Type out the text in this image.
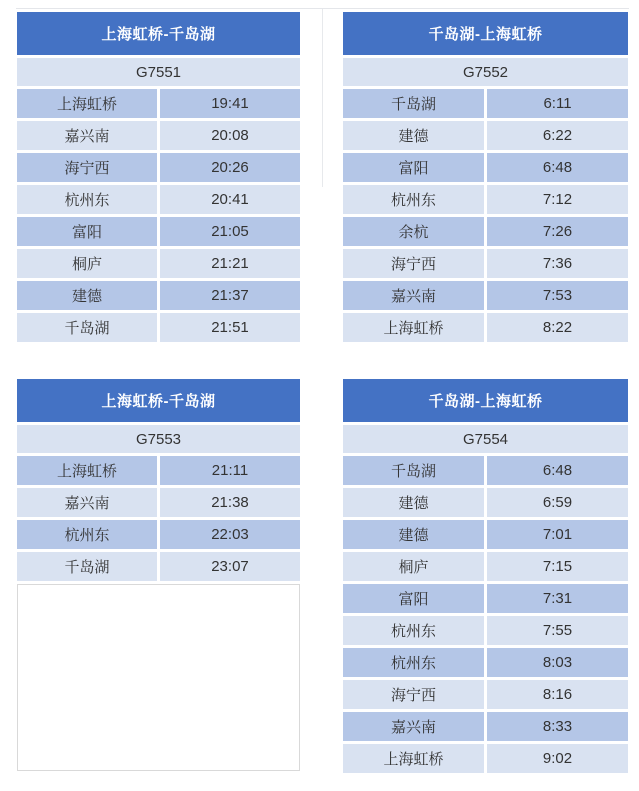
上海虹桥-千岛湖
G7551
上海虹桥	19:41
嘉兴南	20:08
海宁西	20:26
杭州东	20:41
富阳	21:05
桐庐	21:21
建德	21:37
千岛湖	21:51
千岛湖-上海虹桥
G7552
千岛湖	6:11
建德	6:22
富阳	6:48
杭州东	7:12
余杭	7:26
海宁西	7:36
嘉兴南	7:53
上海虹桥	8:22
上海虹桥-千岛湖
G7553
上海虹桥	21:11
嘉兴南	21:38
杭州东	22:03
千岛湖	23:07
千岛湖-上海虹桥
G7554
千岛湖	6:48
建德	6:59
建德	7:01
桐庐	7:15
富阳	7:31
杭州东	7:55
杭州东	8:03
海宁西	8:16
嘉兴南	8:33
上海虹桥	9:02
